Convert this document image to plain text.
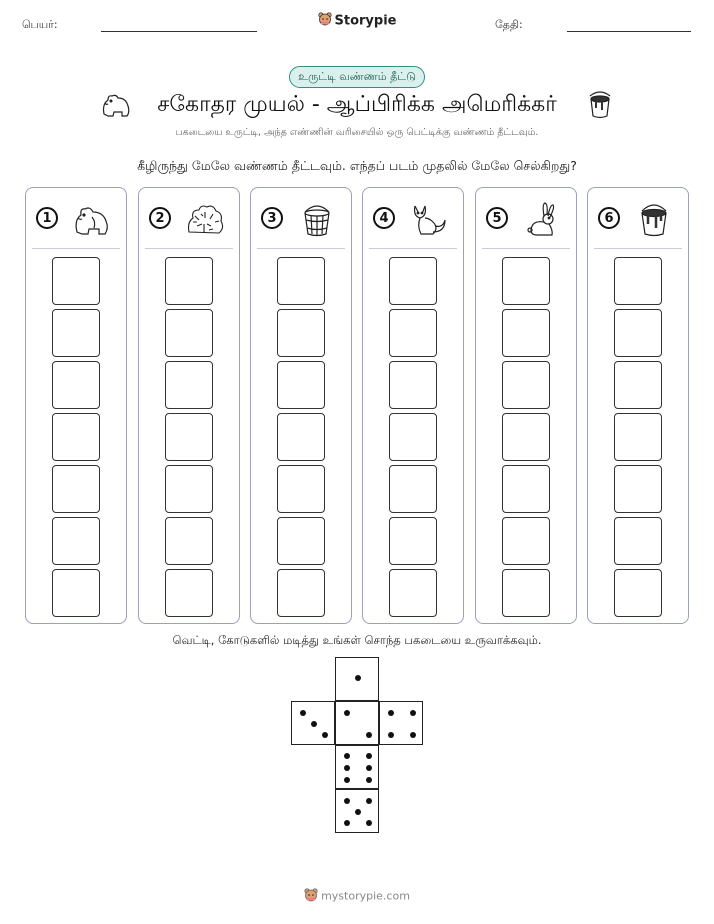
பெயர்:	Storypie	தேதி:
உருட்டி வண்ணம் தீட்டு
சகோதர முயல் - ஆப்பிரிக்க அமெரிக்கர்
பகடையை உருட்டி, அந்த எண்ணின் வரிசையில் ஒரு பெட்டிக்கு வண்ணம் தீட்டவும்.
கீழிருந்து மேலே வண்ணம் தீட்டவும். எந்தப் படம் முதலில் மேலே செல்கிறது?
1	2	3	4	5	6
வெட்டி, கோடுகளில் மடித்து உங்கள் சொந்த பகடையை உருவாக்கவும்.
mystorypie.com
